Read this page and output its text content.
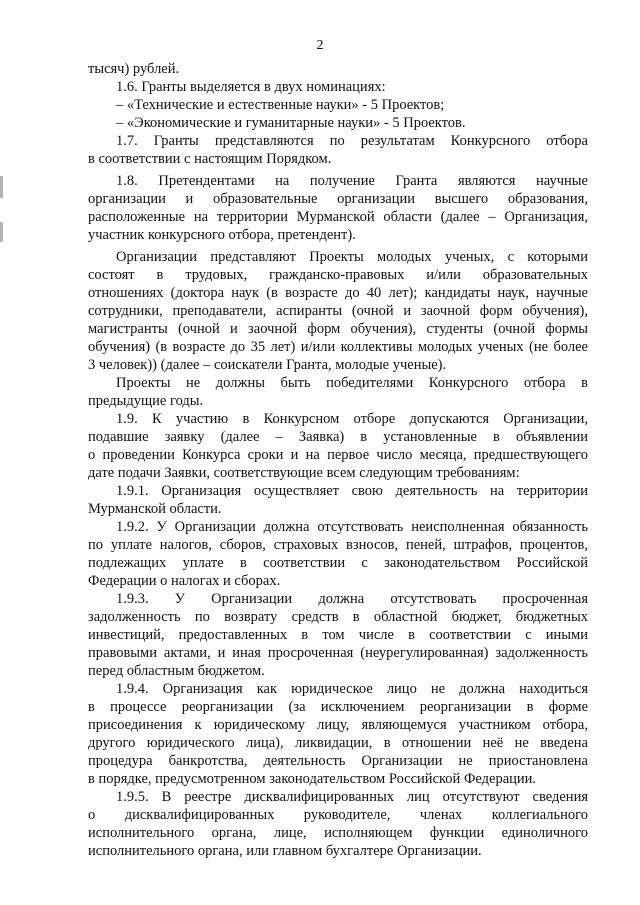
2
тысяч) рублей.
1.6. Гранты выделяется в двух номинациях:
– «Технические и естественные науки» - 5 Проектов;
– «Экономические и гуманитарные науки» - 5 Проектов.
1.7. Гранты представляются по результатам Конкурсного отбора
в соответствии с настоящим Порядком.
1.8. Претендентами на получение Гранта являются научные
организации и образовательные организации высшего образования,
расположенные на территории Мурманской области (далее – Организация,
участник конкурсного отбора, претендент).
Организации представляют Проекты молодых ученых, с которыми
состоят в трудовых, гражданско-правовых и/или образовательных
отношениях (доктора наук (в возрасте до 40 лет); кандидаты наук, научные
сотрудники, преподаватели, аспиранты (очной и заочной форм обучения),
магистранты (очной и заочной форм обучения), студенты (очной формы
обучения) (в возрасте до 35 лет) и/или коллективы молодых ученых (не более
3 человек)) (далее – соискатели Гранта, молодые ученые).
Проекты не должны быть победителями Конкурсного отбора в
предыдущие годы.
1.9. К участию в Конкурсном отборе допускаются Организации,
подавшие заявку (далее – Заявка) в установленные в объявлении
о проведении Конкурса сроки и на первое число месяца, предшествующего
дате подачи Заявки, соответствующие всем следующим требованиям:
1.9.1. Организация осуществляет свою деятельность на территории
Мурманской области.
1.9.2. У Организации должна отсутствовать неисполненная обязанность
по уплате налогов, сборов, страховых взносов, пеней, штрафов, процентов,
подлежащих уплате в соответствии с законодательством Российской
Федерации о налогах и сборах.
1.9.3. У Организации должна отсутствовать просроченная
задолженность по возврату средств в областной бюджет, бюджетных
инвестиций, предоставленных в том числе в соответствии с иными
правовыми актами, и иная просроченная (неурегулированная) задолженность
перед областным бюджетом.
1.9.4. Организация как юридическое лицо не должна находиться
в процессе реорганизации (за исключением реорганизации в форме
присоединения к юридическому лицу, являющемуся участником отбора,
другого юридического лица), ликвидации, в отношении неё не введена
процедура банкротства, деятельность Организации не приостановлена
в порядке, предусмотренном законодательством Российской Федерации.
1.9.5. В реестре дисквалифицированных лиц отсутствуют сведения
о дисквалифицированных руководителе, членах коллегиального
исполнительного органа, лице, исполняющем функции единоличного
исполнительного органа, или главном бухгалтере Организации.
